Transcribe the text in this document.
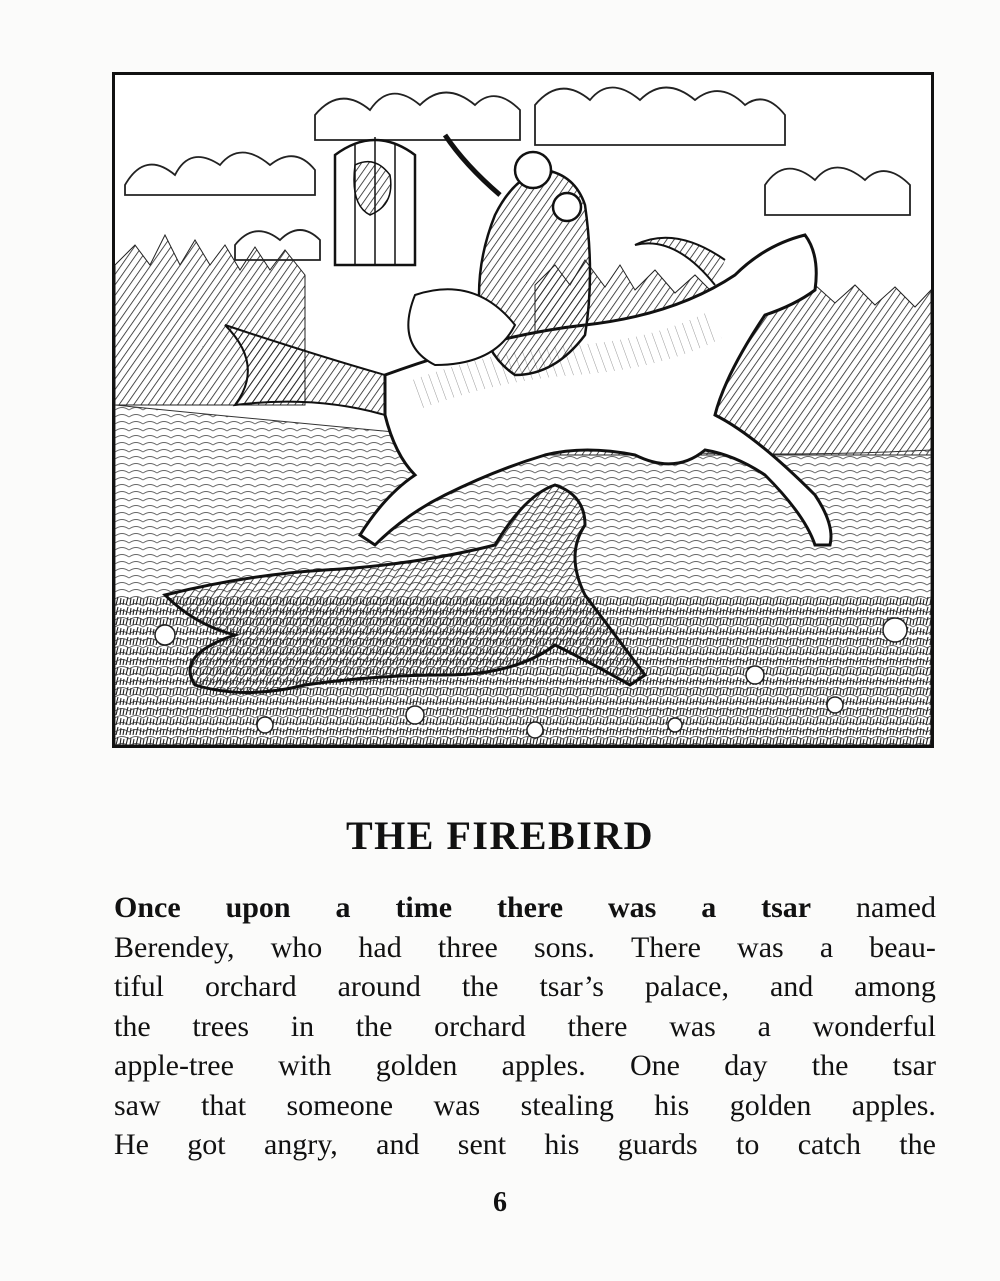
THE FIREBIRD
Once upon a time there was a tsar named
Berendey, who had three sons. There was a beau-
tiful orchard around the tsar’s palace, and among
the trees in the orchard there was a wonderful
apple-tree with golden apples. One day the tsar
saw that someone was stealing his golden apples.
He got angry, and sent his guards to catch the
6
